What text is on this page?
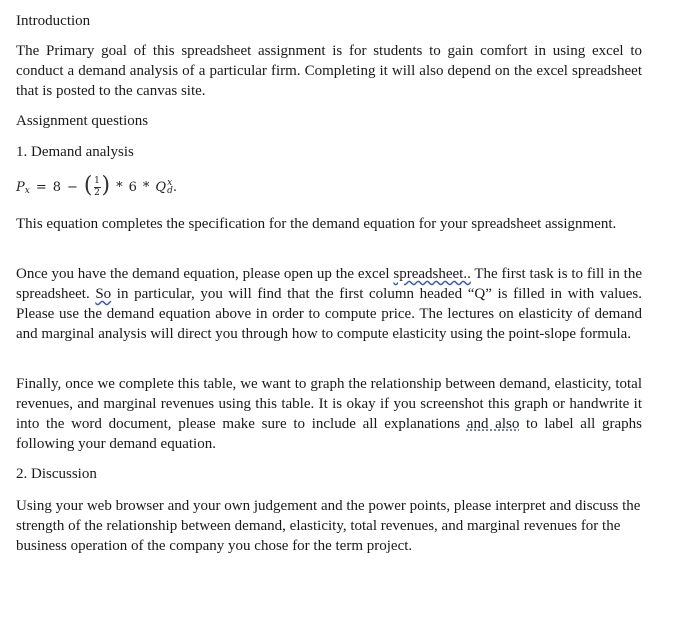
Introduction
The Primary goal of this spreadsheet assignment is for students to gain comfort in using excel to conduct a demand analysis of a particular firm. Completing it will also depend on the excel spreadsheet that is posted to the canvas site.
Assignment questions
1. Demand analysis
P x = 8 − ( $\frac{1}{2}$ ) * 6 * Q x
d .
This equation completes the specification for the demand equation for your spreadsheet assignment.
Once you have the demand equation, please open up the excel spreadsheet.. The first task is to fill in the spreadsheet. So in particular, you will find that the first column headed “Q” is filled in with values. Please use the demand equation above in order to compute price. The lectures on elasticity of demand and marginal analysis will direct you through how to compute elasticity using the point-slope formula.
Finally, once we complete this table, we want to graph the relationship between demand, elasticity, total revenues, and marginal revenues using this table. It is okay if you screenshot this graph or handwrite it into the word document, please make sure to include all explanations and also to label all graphs following your demand equation.
2. Discussion
Using your web browser and your own judgement and the power points, please interpret and discuss the strength of the relationship between demand, elasticity, total revenues, and marginal revenues for the business operation of the company you chose for the term project.
